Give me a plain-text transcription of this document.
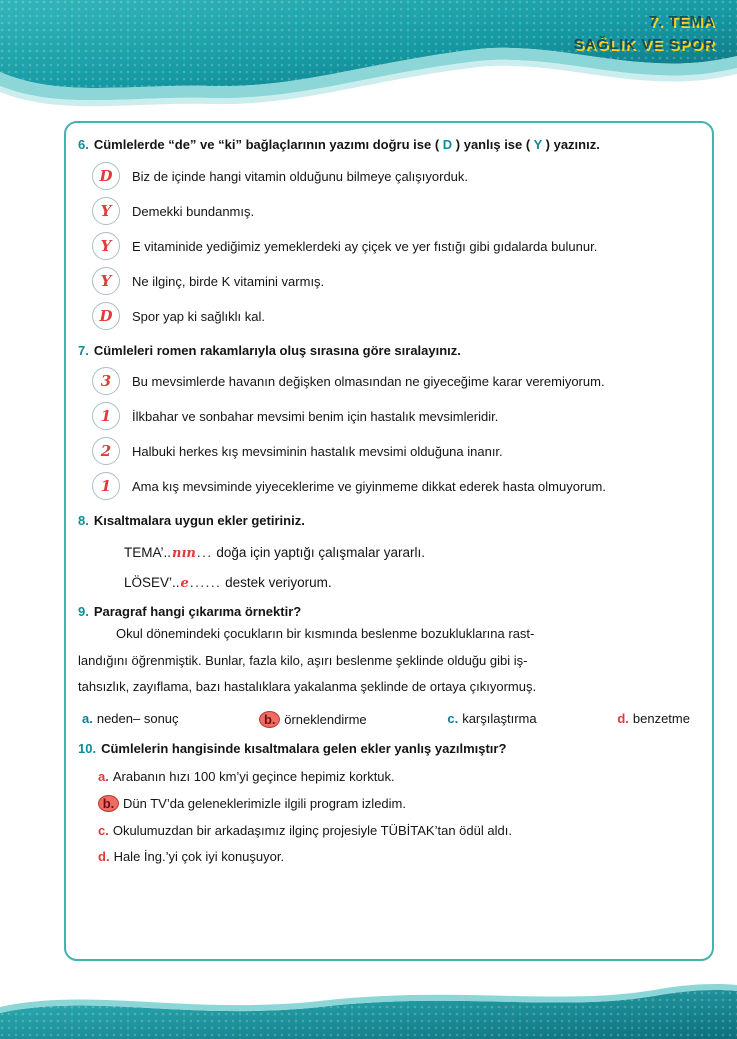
7. TEMA
SAĞLIK VE SPOR
6. Cümlelerde “de” ve “ki” bağlaçlarının yazımı doğru ise ( D ) yanlış ise ( Y ) yazınız.
D Biz de içinde hangi vitamin olduğunu bilmeye çalışıyorduk.
Y Demekki bundanmış.
Y E vitaminide yediğimiz yemeklerdeki ay çiçek ve yer fıstığı gibi gıdalarda bulunur.
Y Ne ilginç, birde K vitamini varmış.
D Spor yap ki sağlıklı kal.
7. Cümleleri romen rakamlarıyla oluş sırasına göre sıralayınız.
3 Bu mevsimlerde havanın değişken olmasından ne giyeceğime karar veremiyorum.
1 İlkbahar ve sonbahar mevsimi benim için hastalık mevsimleridir.
2 Halbuki herkes kış mevsiminin hastalık mevsimi olduğuna inanır.
1 Ama kış mevsiminde yiyeceklerime ve giyinmeme dikkat ederek hasta olmuyorum.
8. Kısaltmalara uygun ekler getiriniz.
TEMA’..nın... doğa için yaptığı çalışmalar yararlı.
LÖSEV’..e...... destek veriyorum.
9. Paragraf hangi çıkarıma örnektir?
Okul dönemindeki çocukların bir kısmında beslenme bozukluklarına rast-
landığını öğrenmiştik. Bunlar, fazla kilo, aşırı beslenme şeklinde olduğu gibi iş-
tahsızlık, zayıflama, bazı hastalıklara yakalanma şeklinde de ortaya çıkıyormuş.
a. neden– sonuç	b. örneklendirme	c. karşılaştırma	d. benzetme
10. Cümlelerin hangisinde kısaltmalara gelen ekler yanlış yazılmıştır?
a. Arabanın hızı 100 km’yi geçince hepimiz korktuk.
b. Dün TV’da geleneklerimizle ilgili program izledim.
c. Okulumuzdan bir arkadaşımız ilginç projesiyle TÜBİTAK’tan ödül aldı.
d. Hale İng.’yi çok iyi konuşuyor.
